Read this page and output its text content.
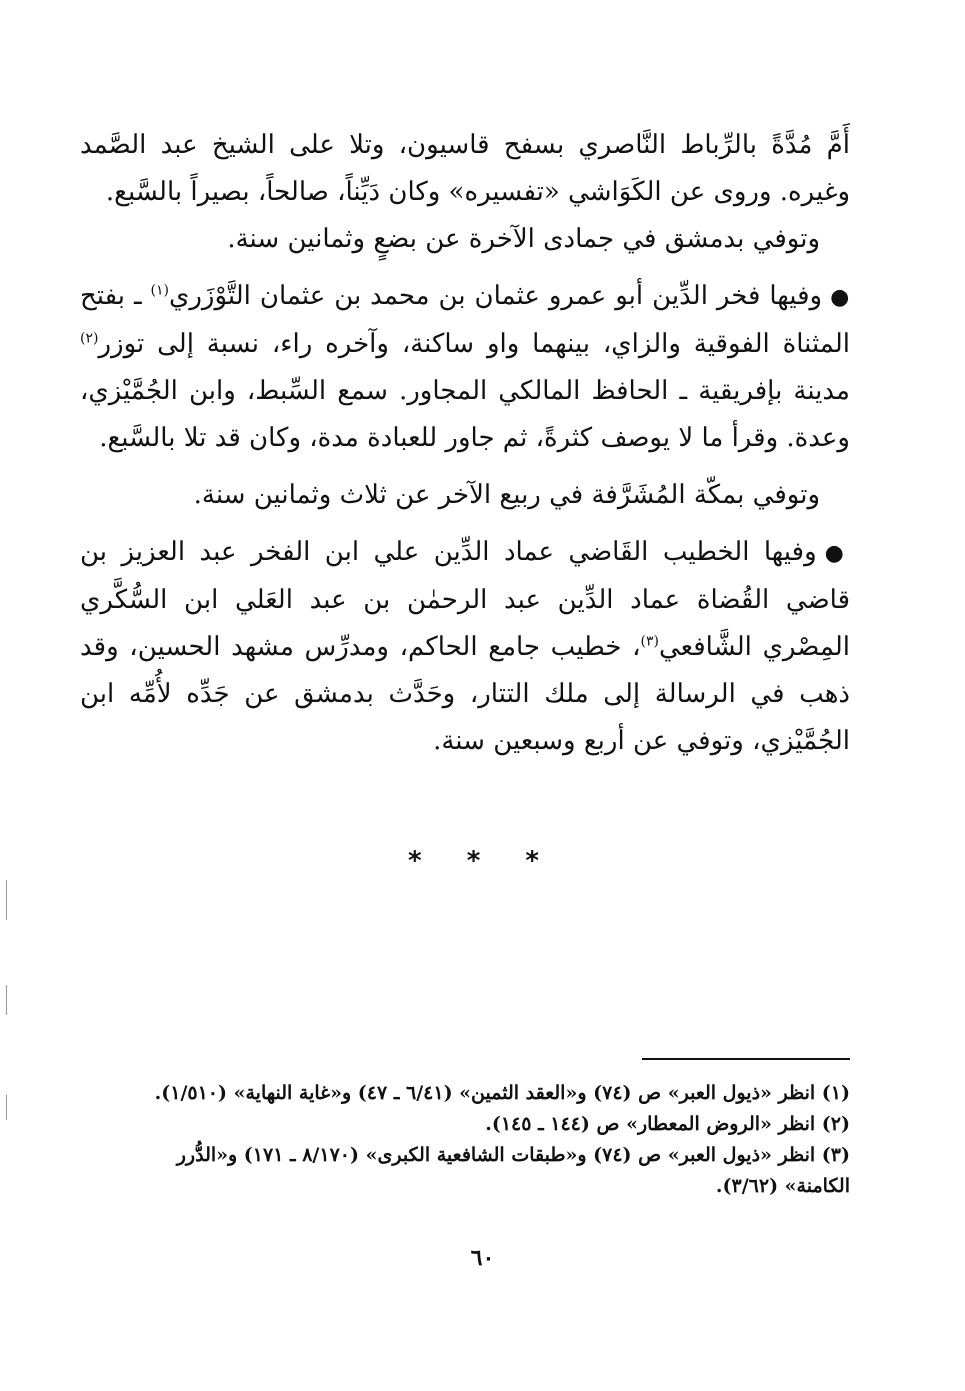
أَمَّ مُدَّةً بالرِّباط النَّاصري بسفح قاسيون، وتلا على الشيخ عبد الصَّمد وغيره. وروى عن الكَوَاشي «تفسيره» وكان دَيِّناً، صالحاً، بصيراً بالسَّبع.

وتوفي بدمشق في جمادى الآخرة عن بضعٍ وثمانين سنة.

●وفيها فخر الدِّين أبو عمرو عثمان بن محمد بن عثمان التَّوْزَري$^{(١)}$ ـ بفتح المثناة الفوقية والزاي، بينهما واو ساكنة، وآخره راء، نسبة إلى توزر$^{(٢)}$ مدينة بإفريقية ـ الحافظ المالكي المجاور. سمع السِّبط، وابن الجُمَّيْزي، وعدة. وقرأ ما لا يوصف كثرةً، ثم جاور للعبادة مدة، وكان قد تلا بالسَّبع.

وتوفي بمكّة المُشَرَّفة في ربيع الآخر عن ثلاث وثمانين سنة.

●وفيها الخطيب القَاضي عماد الدِّين علي ابن الفخر عبد العزيز بن قاضي القُضاة عماد الدِّين عبد الرحمٰن بن عبد العَلي ابن السُّكَّري المِصْري الشَّافعي$^{(٣)}$، خطيب جامع الحاكم، ومدرِّس مشهد الحسين، وقد ذهب في الرسالة إلى ملك التتار، وحَدَّث بدمشق عن جَدِّه لأُمِّه ابن الجُمَّيْزي، وتوفي عن أربع وسبعين سنة.

* * *

(١) انظر «ذيول العبر» ص (٧٤) و«العقد الثمين» (٦/٤١ ـ ٤٧) و«غاية النهاية» (١/٥١٠).

(٢) انظر «الروض المعطار» ص (١٤٤ ـ ١٤٥).

(٣) انظر «ذيول العبر» ص (٧٤) و«طبقات الشافعية الكبرى» (٨/١٧٠ ـ ١٧١) و«الدُّرر الكامنة» (٣/٦٢).

٦٠
